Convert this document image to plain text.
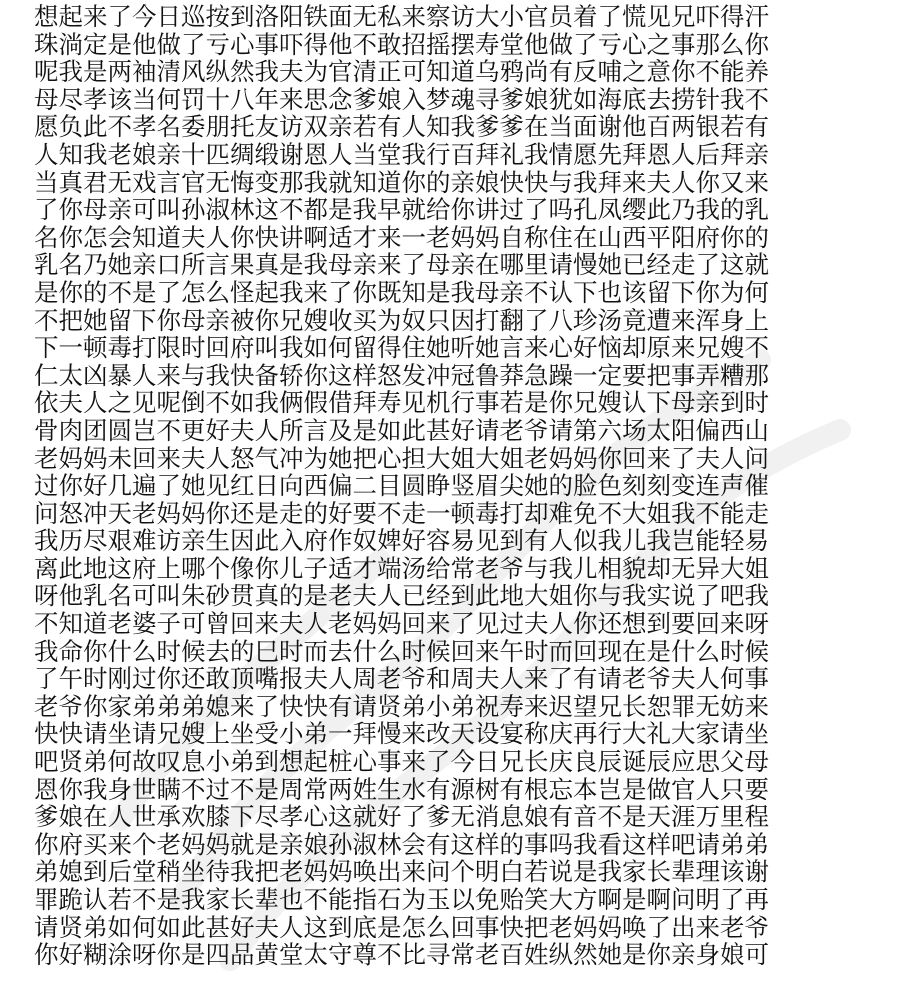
想起来了今日巡按到洛阳铁面无私来察访大小官员着了慌见兄吓得汗
珠淌定是他做了亏心事吓得他不敢招摇摆寿堂他做了亏心之事那么你
呢我是两袖清风纵然我夫为官清正可知道乌鸦尚有反哺之意你不能养
母尽孝该当何罚十八年来思念爹娘入梦魂寻爹娘犹如海底去捞针我不
愿负此不孝名委朋托友访双亲若有人知我爹爹在当面谢他百两银若有
人知我老娘亲十匹绸缎谢恩人当堂我行百拜礼我情愿先拜恩人后拜亲
当真君无戏言官无悔变那我就知道你的亲娘快快与我拜来夫人你又来
了你母亲可叫孙淑林这不都是我早就给你讲过了吗孔凤缨此乃我的乳
名你怎会知道夫人你快讲啊适才来一老妈妈自称住在山西平阳府你的
乳名乃她亲口所言果真是我母亲来了母亲在哪里请慢她已经走了这就
是你的不是了怎么怪起我来了你既知是我母亲不认下也该留下你为何
不把她留下你母亲被你兄嫂收买为奴只因打翻了八珍汤竟遭来浑身上
下一顿毒打限时回府叫我如何留得住她听她言来心好恼却原来兄嫂不
仁太凶暴人来与我快备轿你这样怒发冲冠鲁莽急躁一定要把事弄糟那
依夫人之见呢倒不如我俩假借拜寿见机行事若是你兄嫂认下母亲到时
骨肉团圆岂不更好夫人所言及是如此甚好请老爷请第六场太阳偏西山
老妈妈未回来夫人怒气冲为她把心担大姐大姐老妈妈你回来了夫人问
过你好几遍了她见红日向西偏二目圆睁竖眉尖她的脸色刻刻变连声催
问怒冲天老妈妈你还是走的好要不走一顿毒打却难免不大姐我不能走
我历尽艰难访亲生因此入府作奴婢好容易见到有人似我儿我岂能轻易
离此地这府上哪个像你儿子适才端汤给常老爷与我儿相貌却无异大姐
呀他乳名可叫朱砂贯真的是老夫人已经到此地大姐你与我实说了吧我
不知道老婆子可曾回来夫人老妈妈回来了见过夫人你还想到要回来呀
我命你什么时候去的巳时而去什么时候回来午时而回现在是什么时候
了午时刚过你还敢顶嘴报夫人周老爷和周夫人来了有请老爷夫人何事
老爷你家弟弟弟媳来了快快有请贤弟小弟祝寿来迟望兄长恕罪无妨来
快快请坐请兄嫂上坐受小弟一拜慢来改天设宴称庆再行大礼大家请坐
吧贤弟何故叹息小弟到想起桩心事来了今日兄长庆良辰诞辰应思父母
恩你我身世瞒不过不是周常两姓生水有源树有根忘本岂是做官人只要
爹娘在人世承欢膝下尽孝心这就好了爹无消息娘有音不是天涯万里程
你府买来个老妈妈就是亲娘孙淑林会有这样的事吗我看这样吧请弟弟
弟媳到后堂稍坐待我把老妈妈唤出来问个明白若说是我家长辈理该谢
罪跪认若不是我家长辈也不能指石为玉以免贻笑大方啊是啊问明了再
请贤弟如何如此甚好夫人这到底是怎么回事快把老妈妈唤了出来老爷
你好糊涂呀你是四品黄堂太守尊不比寻常老百姓纵然她是你亲身娘可
